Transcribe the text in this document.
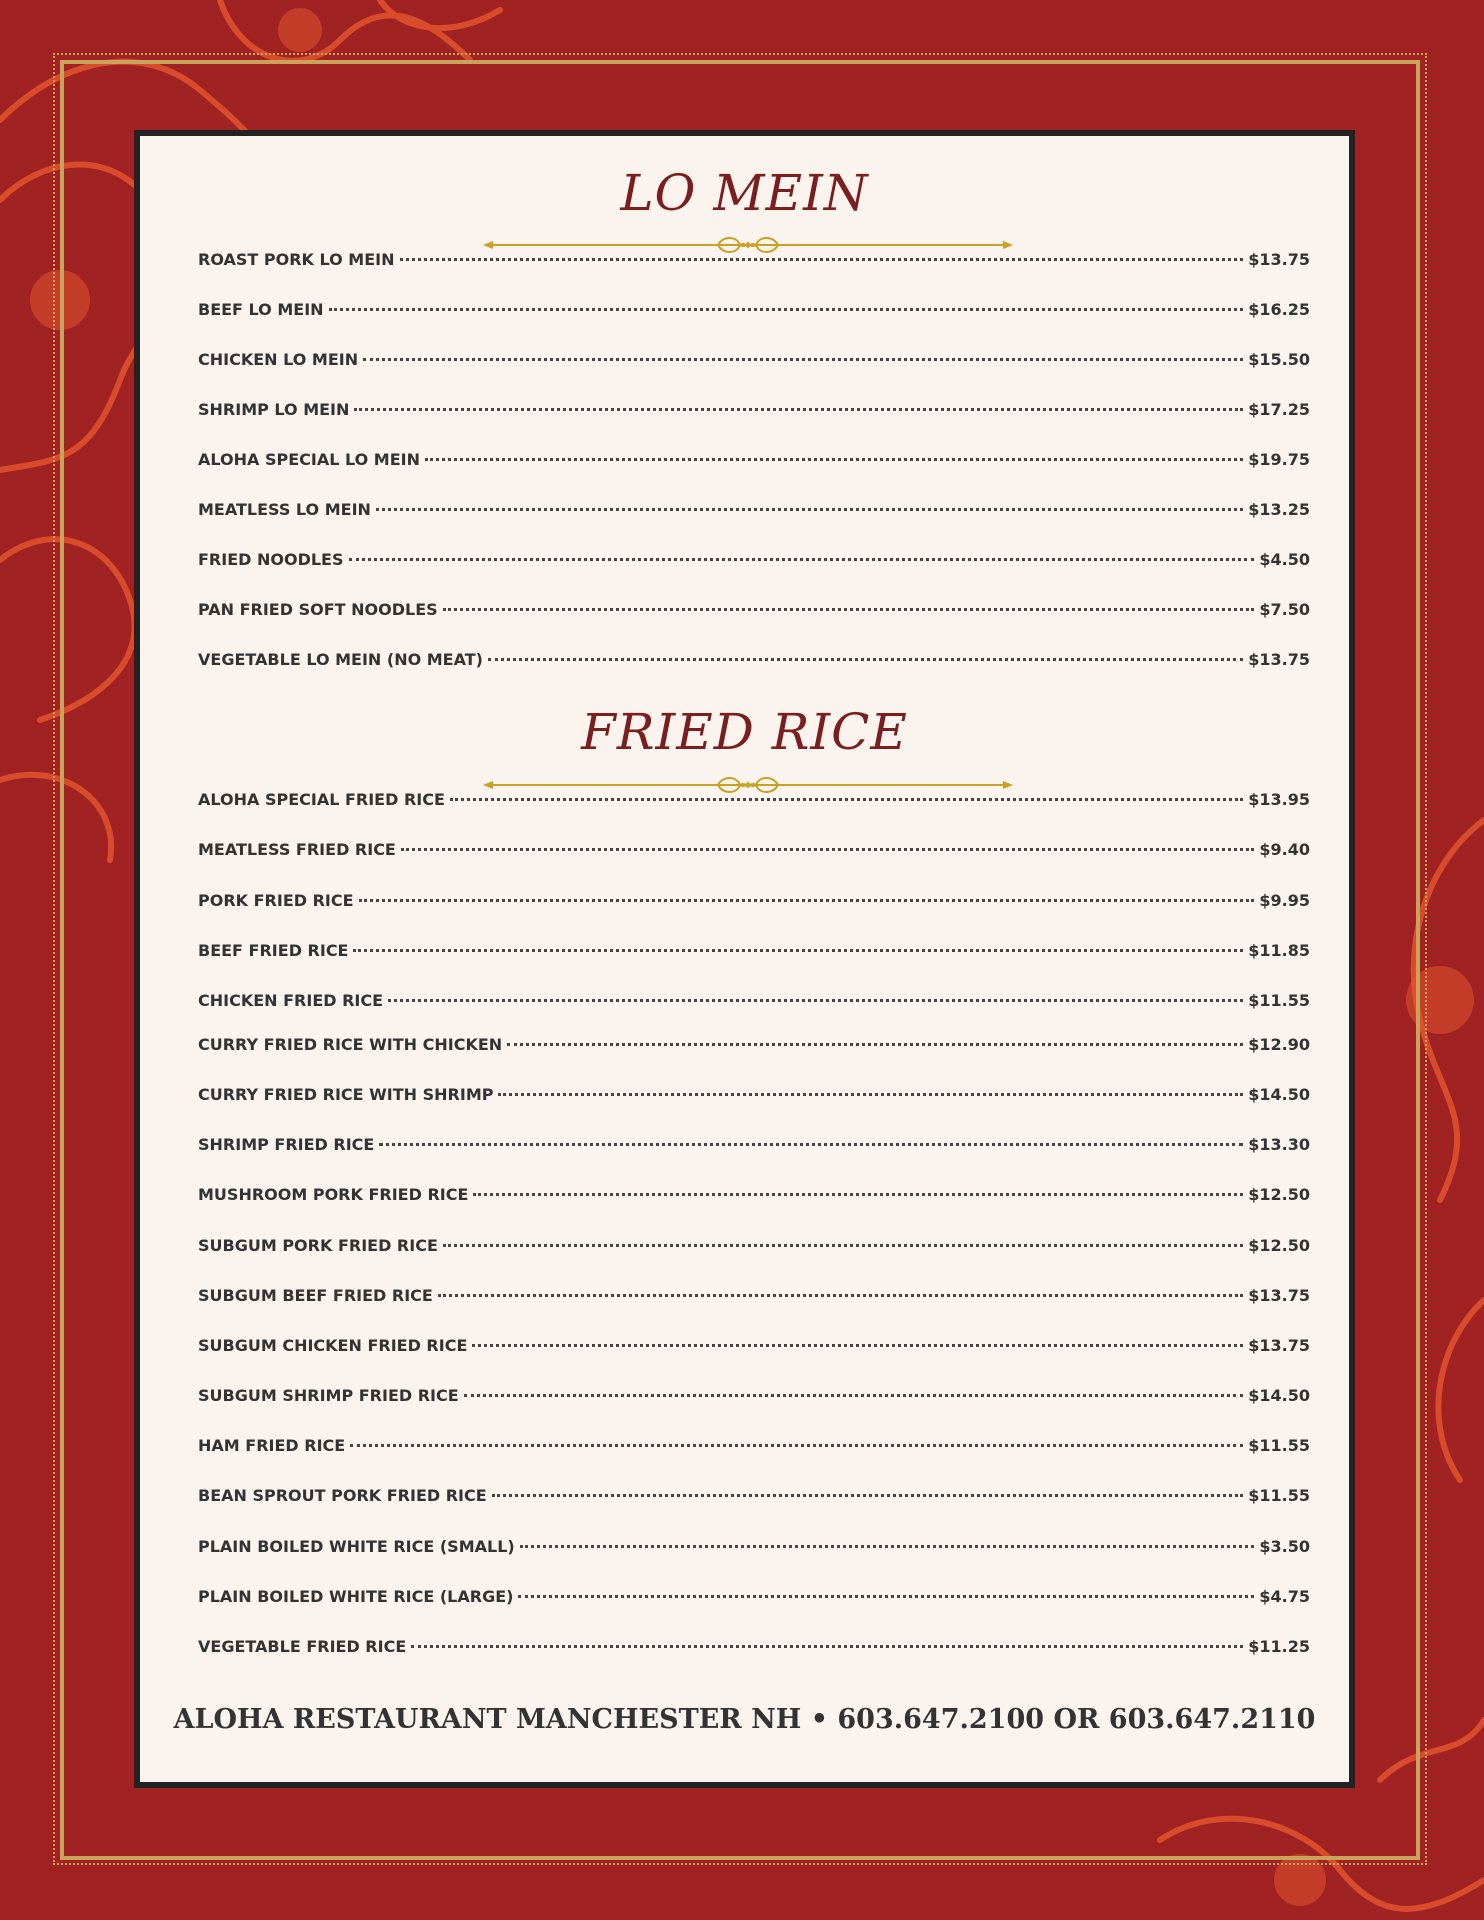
LO MEIN
ROAST PORK LO MEIN	$13.75
BEEF LO MEIN	$16.25
CHICKEN LO MEIN	$15.50
SHRIMP LO MEIN	$17.25
ALOHA SPECIAL LO MEIN	$19.75
MEATLESS LO MEIN	$13.25
FRIED NOODLES	$4.50
PAN FRIED SOFT NOODLES	$7.50
VEGETABLE LO MEIN (NO MEAT)	$13.75
FRIED RICE
ALOHA SPECIAL FRIED RICE	$13.95
MEATLESS FRIED RICE	$9.40
PORK FRIED RICE	$9.95
BEEF FRIED RICE	$11.85
CHICKEN FRIED RICE	$11.55
CURRY FRIED RICE WITH CHICKEN	$12.90
CURRY FRIED RICE WITH SHRIMP	$14.50
SHRIMP FRIED RICE	$13.30
MUSHROOM PORK FRIED RICE	$12.50
SUBGUM PORK FRIED RICE	$12.50
SUBGUM BEEF FRIED RICE	$13.75
SUBGUM CHICKEN FRIED RICE	$13.75
SUBGUM SHRIMP FRIED RICE	$14.50
HAM FRIED RICE	$11.55
BEAN SPROUT PORK FRIED RICE	$11.55
PLAIN BOILED WHITE RICE (SMALL)	$3.50
PLAIN BOILED WHITE RICE (LARGE)	$4.75
VEGETABLE FRIED RICE	$11.25

ALOHA RESTAURANT MANCHESTER NH • 603.647.2100 OR 603.647.2110
